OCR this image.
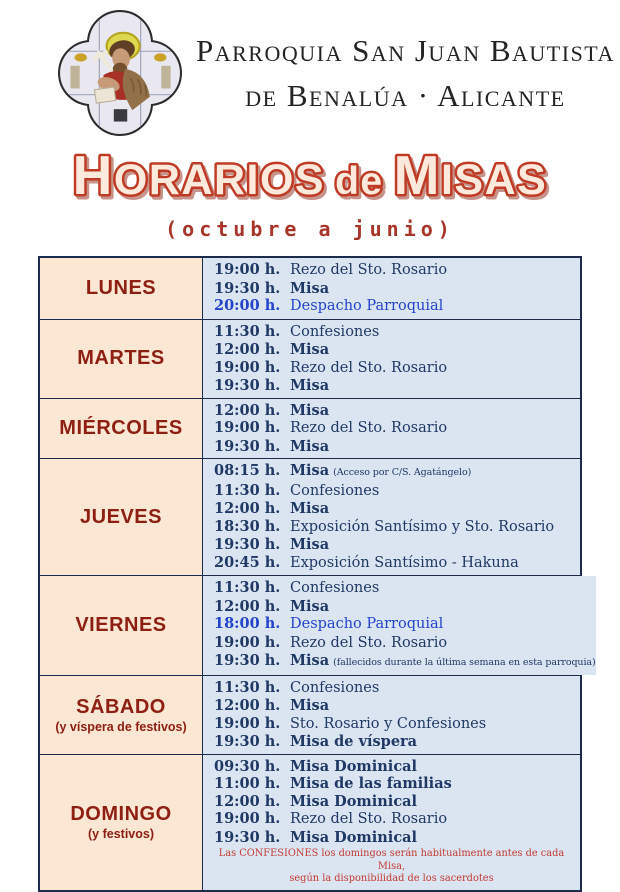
Parroquia San Juan Bautista
de Benalúa · Alicante
HORARIOS de MISAS
(octubre a junio)
LUNES
19:00 h. Rezo del Sto. Rosario
19:30 h. Misa
20:00 h. Despacho Parroquial
MARTES
11:30 h. Confesiones
12:00 h. Misa
19:00 h. Rezo del Sto. Rosario
19:30 h. Misa
MIÉRCOLES
12:00 h. Misa
19:00 h. Rezo del Sto. Rosario
19:30 h. Misa
JUEVES
08:15 h. Misa (Acceso por C/S. Agatángelo)
11:30 h. Confesiones
12:00 h. Misa
18:30 h. Exposición Santísimo y Sto. Rosario
19:30 h. Misa
20:45 h. Exposición Santísimo - Hakuna
VIERNES
11:30 h. Confesiones
12:00 h. Misa
18:00 h. Despacho Parroquial
19:00 h. Rezo del Sto. Rosario
19:30 h. Misa (fallecidos durante la última semana en esta parroquia)
SÁBADO
(y víspera de festivos)
11:30 h. Confesiones
12:00 h. Misa
19:00 h. Sto. Rosario y Confesiones
19:30 h. Misa de víspera
DOMINGO
(y festivos)
09:30 h. Misa Dominical
11:00 h. Misa de las familias
12:00 h. Misa Dominical
19:00 h. Rezo del Sto. Rosario
19:30 h. Misa Dominical
Las CONFESIONES los domingos serán habitualmente antes de cada Misa,
según la disponibilidad de los sacerdotes
